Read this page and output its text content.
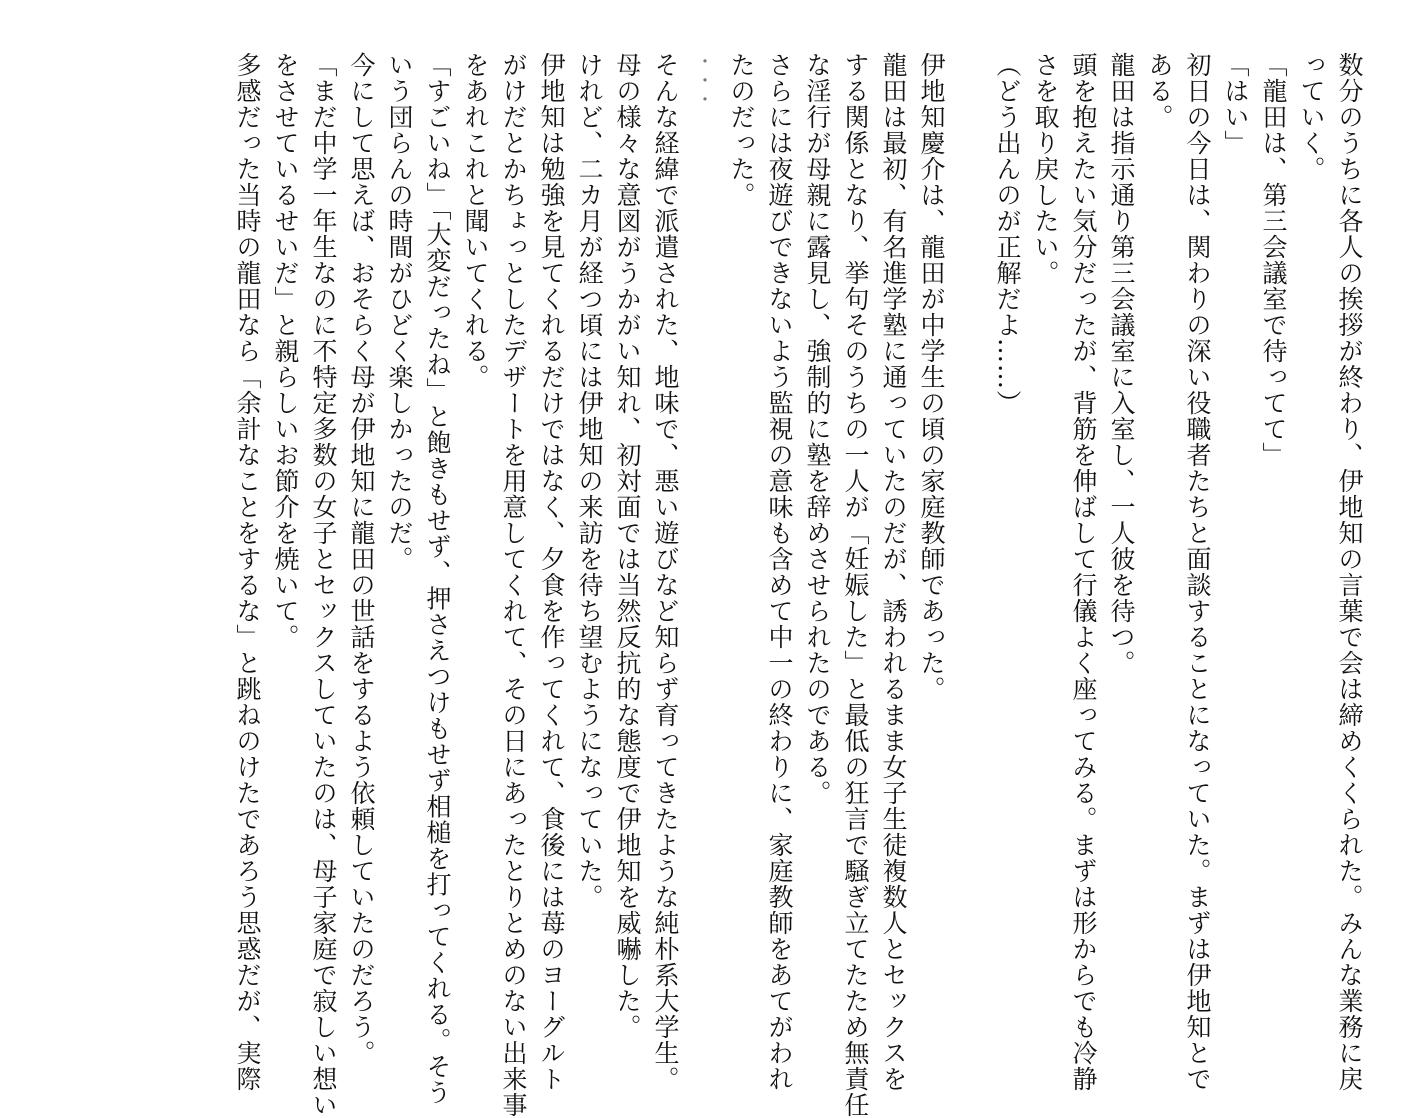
数分のうちに各人の挨拶が終わり、伊地知の言葉で会は締めくくられた。みんな業務に戻
っていく。
「龍田は、第三会議室で待ってて」
「はい」
初日の今日は、関わりの深い役職者たちと面談することになっていた。まずは伊地知とで
ある。
龍田は指示通り第三会議室に入室し、一人彼を待つ。
頭を抱えたい気分だったが、背筋を伸ばして行儀よく座ってみる。まずは形からでも冷静
さを取り戻したい。
（どう出んのが正解だよ……）
伊地知慶介は、龍田が中学生の頃の家庭教師であった。
龍田は最初、有名進学塾に通っていたのだが、誘われるまま女子生徒複数人とセックスを
する関係となり、挙句そのうちの一人が「妊娠した」と最低の狂言で騒ぎ立てたため無責任
な淫行が母親に露見し、強制的に塾を辞めさせられたのである。
さらには夜遊びできないよう監視の意味も含めて中一の終わりに、家庭教師をあてがわれ
たのだった。
・・・
そんな経緯で派遣された、地味で、悪い遊びなど知らず育ってきたような純朴系大学生。
母の様々な意図がうかがい知れ、初対面では当然反抗的な態度で伊地知を威嚇した。
けれど、二カ月が経つ頃には伊地知の来訪を待ち望むようになっていた。
伊地知は勉強を見てくれるだけではなく、夕食を作ってくれて、食後には苺のヨーグルト
がけだとかちょっとしたデザートを用意してくれて、その日にあったとりとめのない出来事
をあれこれと聞いてくれる。
「すごいね」「大変だったね」と飽きもせず、押さえつけもせず相槌を打ってくれる。そう
いう団らんの時間がひどく楽しかったのだ。
今にして思えば、おそらく母が伊地知に龍田の世話をするよう依頼していたのだろう。
「まだ中学一年生なのに不特定多数の女子とセックスしていたのは、母子家庭で寂しい想い
をさせているせいだ」と親らしいお節介を焼いて。
多感だった当時の龍田なら「余計なことをするな」と跳ねのけたであろう思惑だが、実際
